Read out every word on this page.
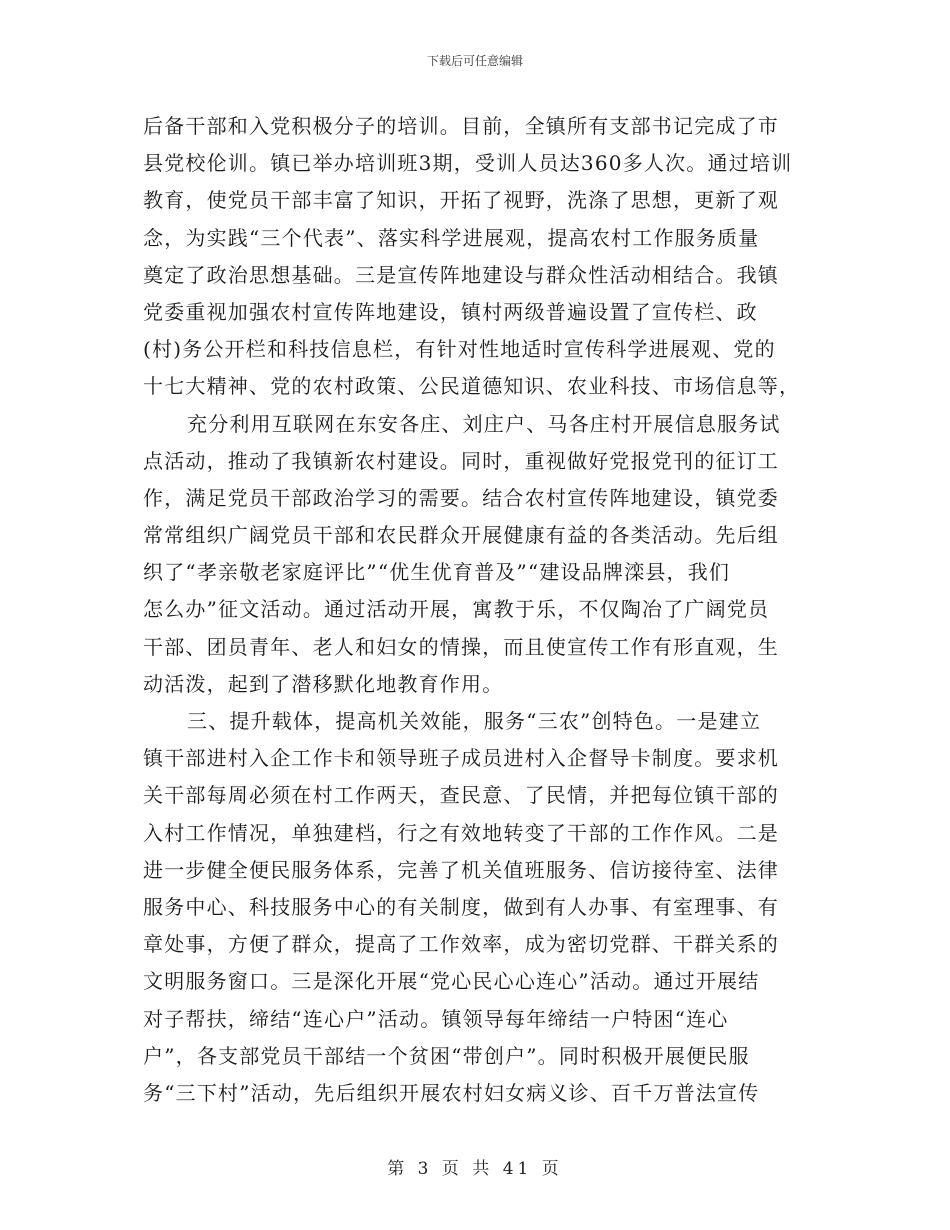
下载后可任意编辑
后备干部和入党积极分子的培训。目前，全镇所有支部书记完成了市
县党校伦训。镇已举办培训班3期，受训人员达360多人次。通过培训
教育，使党员干部丰富了知识，开拓了视野，洗涤了思想，更新了观
念，为实践“三个代表”、落实科学进展观，提高农村工作服务质量
奠定了政治思想基础。三是宣传阵地建设与群众性活动相结合。我镇
党委重视加强农村宣传阵地建设，镇村两级普遍设置了宣传栏、政
(村)务公开栏和科技信息栏，有针对性地适时宣传科学进展观、党的
十七大精神、党的农村政策、公民道德知识、农业科技、市场信息等，
充分利用互联网在东安各庄、刘庄户、马各庄村开展信息服务试
点活动，推动了我镇新农村建设。同时，重视做好党报党刊的征订工
作，满足党员干部政治学习的需要。结合农村宣传阵地建设，镇党委
常常组织广阔党员干部和农民群众开展健康有益的各类活动。先后组
织了“孝亲敬老家庭评比”“优生优育普及”“建设品牌滦县，我们
怎么办”征文活动。通过活动开展，寓教于乐，不仅陶冶了广阔党员
干部、团员青年、老人和妇女的情操，而且使宣传工作有形直观，生
动活泼，起到了潜移默化地教育作用。
三、提升载体，提高机关效能，服务“三农”创特色。一是建立
镇干部进村入企工作卡和领导班子成员进村入企督导卡制度。要求机
关干部每周必须在村工作两天，查民意、了民情，并把每位镇干部的
入村工作情况，单独建档，行之有效地转变了干部的工作作风。二是
进一步健全便民服务体系，完善了机关值班服务、信访接待室、法律
服务中心、科技服务中心的有关制度，做到有人办事、有室理事、有
章处事，方便了群众，提高了工作效率，成为密切党群、干群关系的
文明服务窗口。三是深化开展“党心民心心连心”活动。通过开展结
对子帮扶，缔结“连心户”活动。镇领导每年缔结一户特困“连心
户”，各支部党员干部结一个贫困“带创户”。同时积极开展便民服
务“三下村”活动，先后组织开展农村妇女病义诊、百千万普法宣传
第 3 页 共 41 页
